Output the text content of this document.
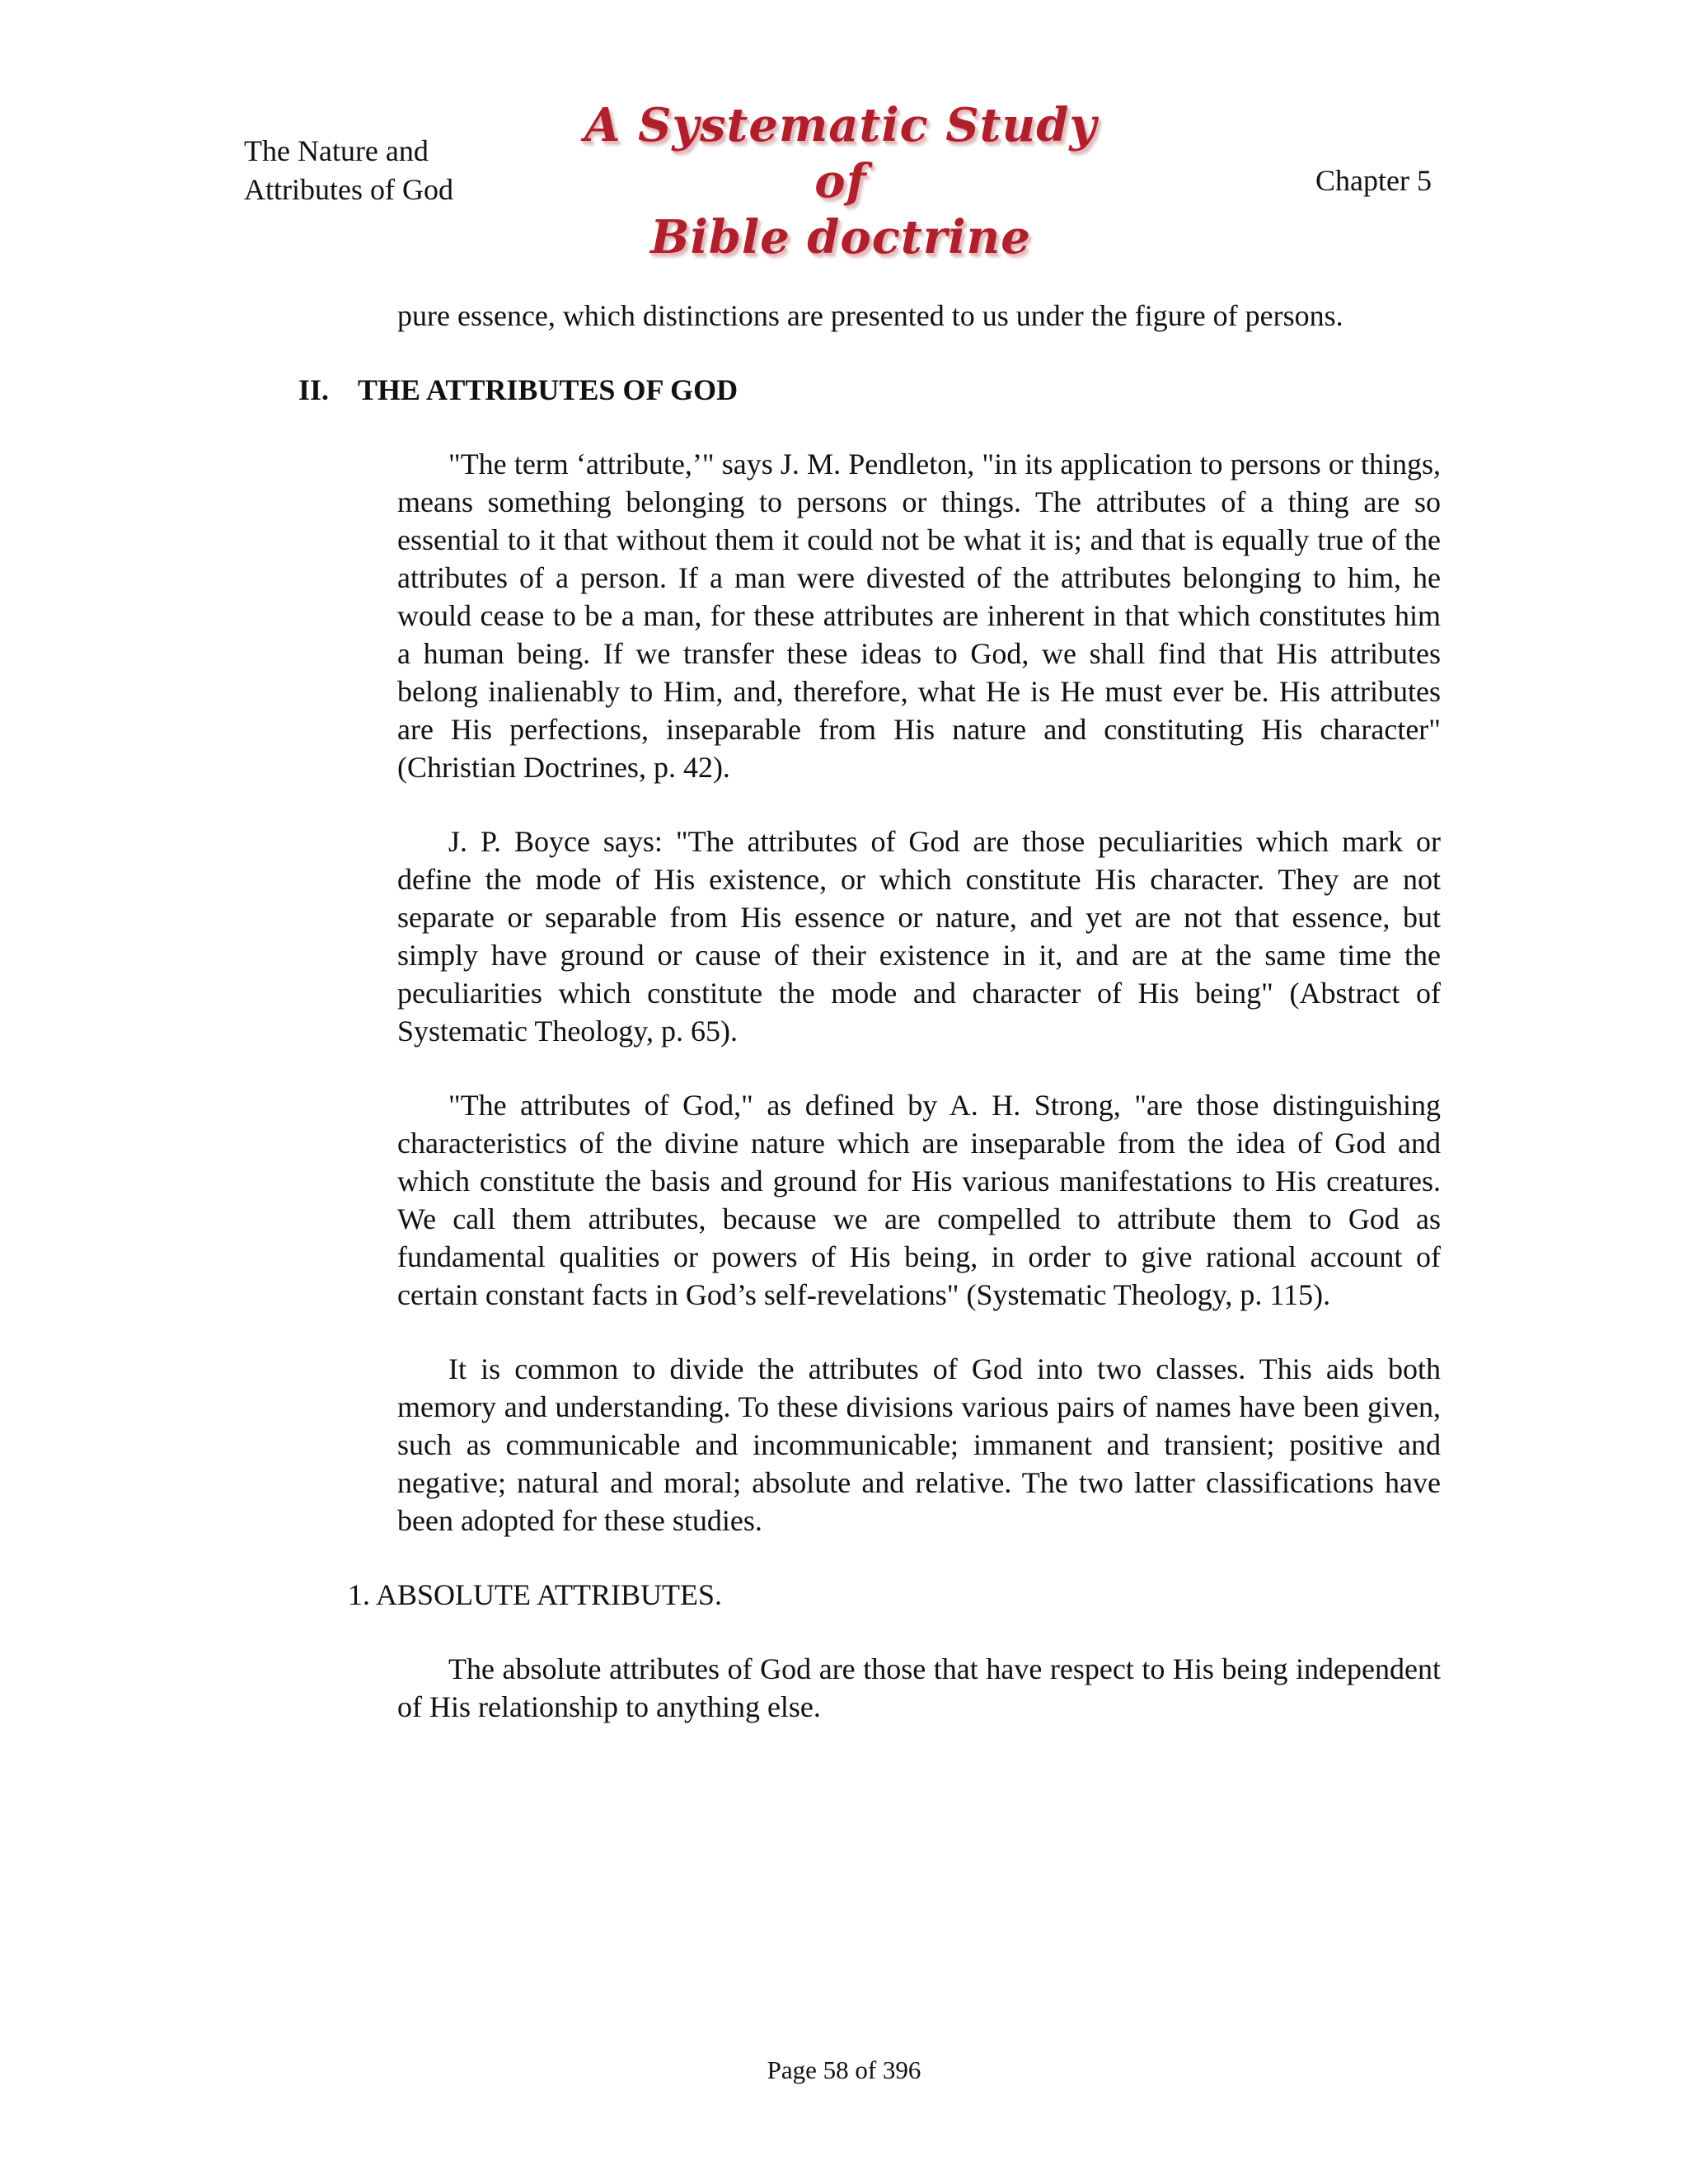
The Nature and
Attributes of God
A Systematic Study of
Bible doctrine
Chapter 5

pure essence, which distinctions are presented to us under the figure of persons.

II. THE ATTRIBUTES OF GOD

"The term ‘attribute,’" says J. M. Pendleton, "in its application to persons or things, means something belonging to persons or things. The attributes of a thing are so essential to it that without them it could not be what it is; and that is equally true of the attributes of a person. If a man were divested of the attributes belonging to him, he would cease to be a man, for these attributes are inherent in that which constitutes him a human being. If we transfer these ideas to God, we shall find that His attributes belong inalienably to Him, and, therefore, what He is He must ever be. His attributes are His perfections, inseparable from His nature and constituting His character" (Christian Doctrines, p. 42).

J. P. Boyce says: "The attributes of God are those peculiarities which mark or define the mode of His existence, or which constitute His character. They are not separate or separable from His essence or nature, and yet are not that essence, but simply have ground or cause of their existence in it, and are at the same time the peculiarities which constitute the mode and character of His being" (Abstract of Systematic Theology, p. 65).

"The attributes of God," as defined by A. H. Strong, "are those distinguishing characteristics of the divine nature which are inseparable from the idea of God and which constitute the basis and ground for His various manifestations to His creatures. We call them attributes, because we are compelled to attribute them to God as fundamental qualities or powers of His being, in order to give rational account of certain constant facts in God’s self-revelations" (Systematic Theology, p. 115).

It is common to divide the attributes of God into two classes. This aids both memory and understanding. To these divisions various pairs of names have been given, such as communicable and incommunicable; immanent and transient; positive and negative; natural and moral; absolute and relative. The two latter classifications have been adopted for these studies.

1. ABSOLUTE ATTRIBUTES.

The absolute attributes of God are those that have respect to His being independent of His relationship to anything else.

Page 58 of 396
